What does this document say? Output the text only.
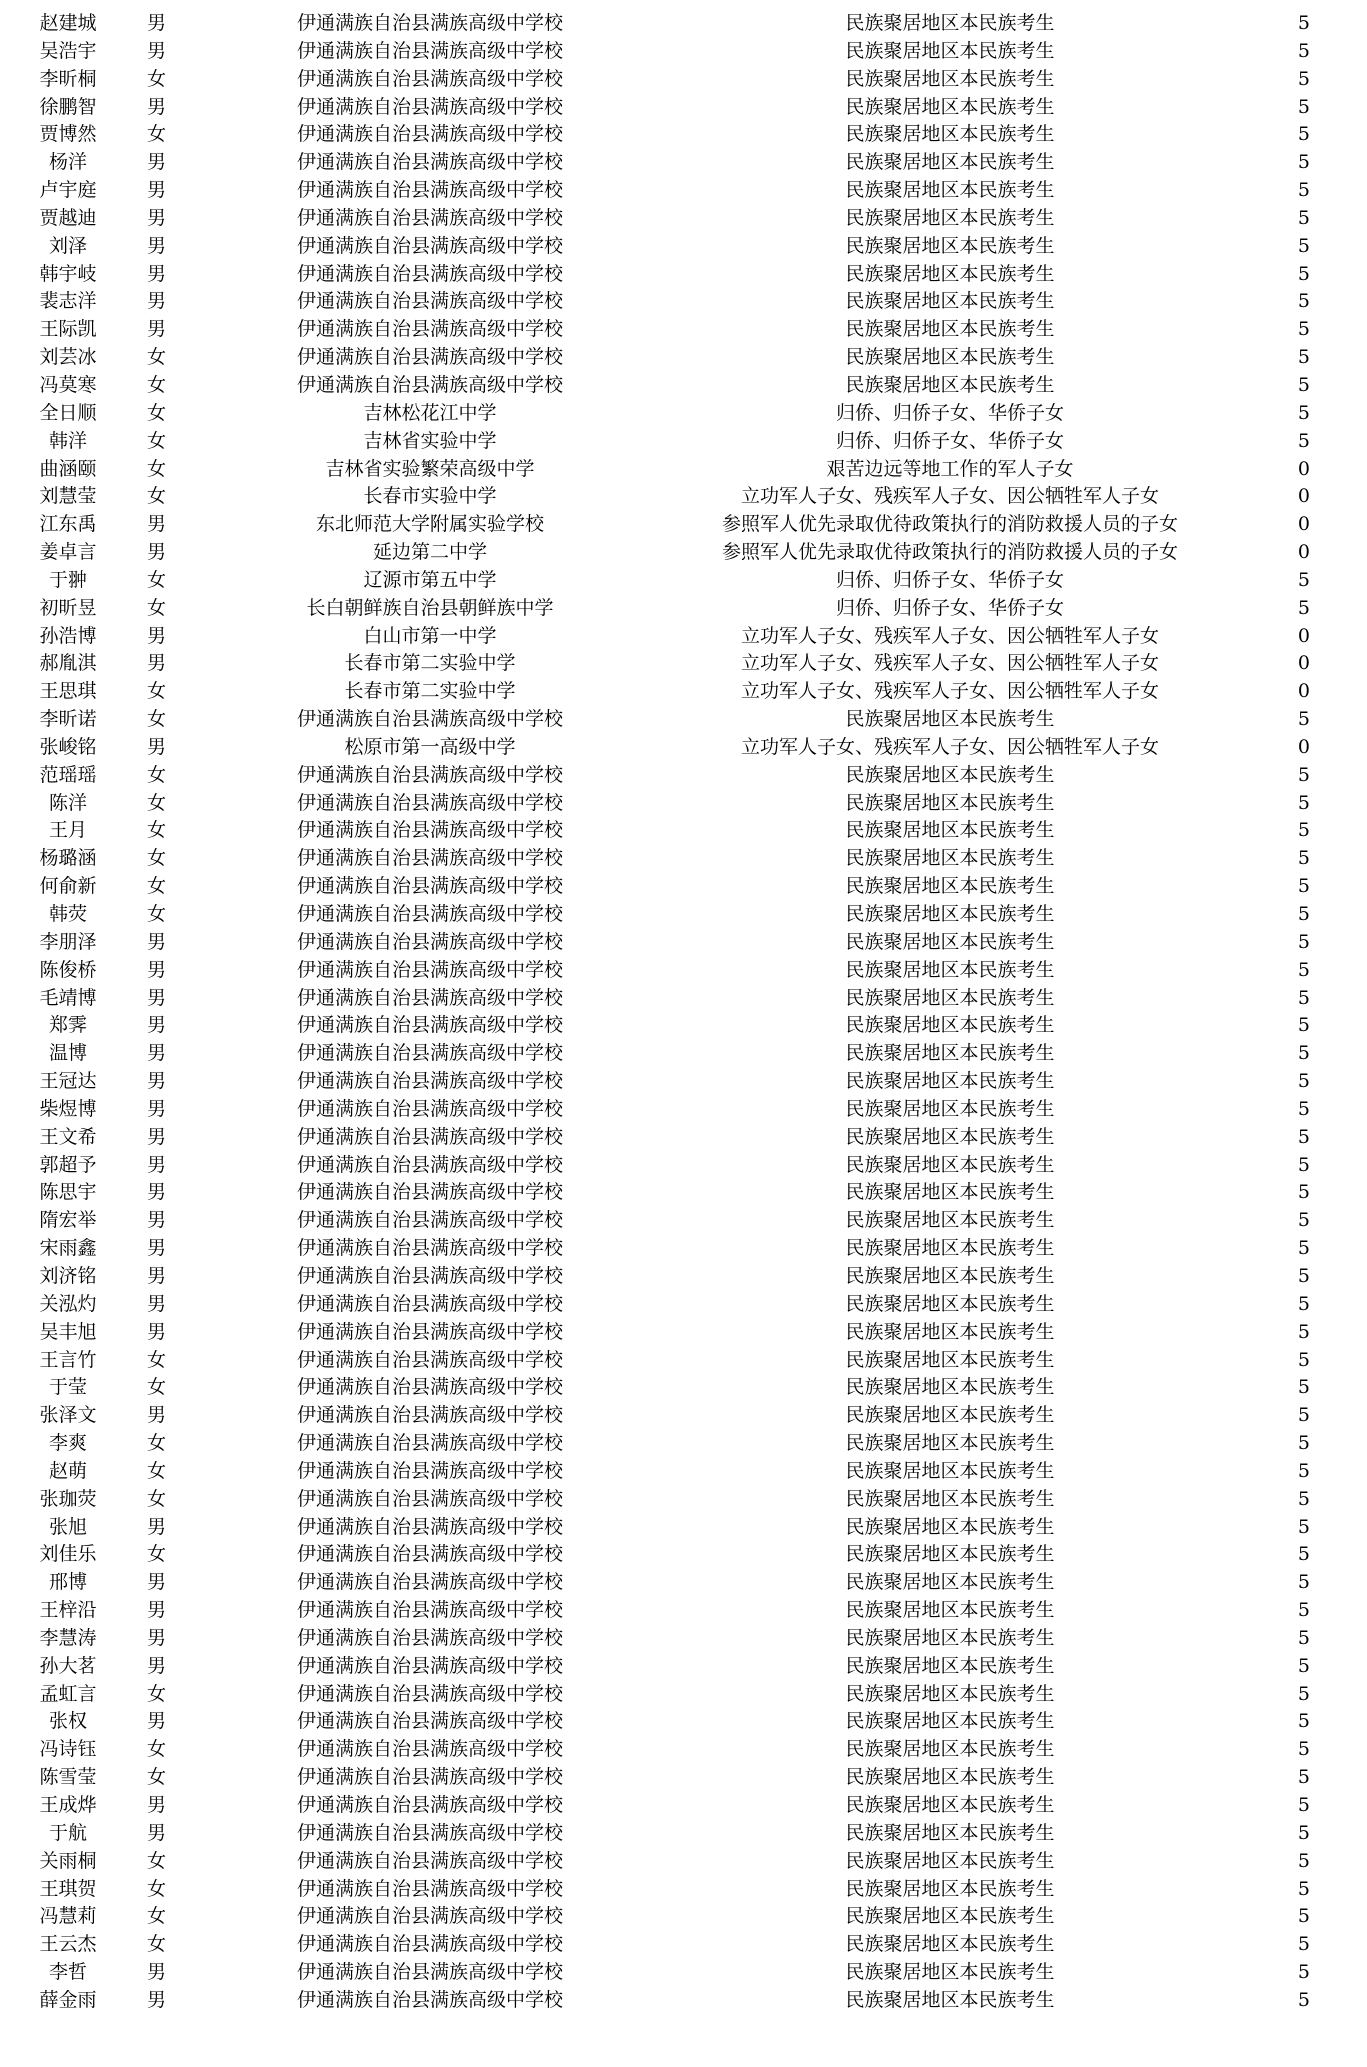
赵建城	男	伊通满族自治县满族高级中学校	民族聚居地区本民族考生	5
吴浩宇	男	伊通满族自治县满族高级中学校	民族聚居地区本民族考生	5
李昕桐	女	伊通满族自治县满族高级中学校	民族聚居地区本民族考生	5
徐鹏智	男	伊通满族自治县满族高级中学校	民族聚居地区本民族考生	5
贾博然	女	伊通满族自治县满族高级中学校	民族聚居地区本民族考生	5
杨洋	男	伊通满族自治县满族高级中学校	民族聚居地区本民族考生	5
卢宇庭	男	伊通满族自治县满族高级中学校	民族聚居地区本民族考生	5
贾越迪	男	伊通满族自治县满族高级中学校	民族聚居地区本民族考生	5
刘泽	男	伊通满族自治县满族高级中学校	民族聚居地区本民族考生	5
韩宇岐	男	伊通满族自治县满族高级中学校	民族聚居地区本民族考生	5
裴志洋	男	伊通满族自治县满族高级中学校	民族聚居地区本民族考生	5
王际凯	男	伊通满族自治县满族高级中学校	民族聚居地区本民族考生	5
刘芸冰	女	伊通满族自治县满族高级中学校	民族聚居地区本民族考生	5
冯莫寒	女	伊通满族自治县满族高级中学校	民族聚居地区本民族考生	5
全日顺	女	吉林松花江中学	归侨、归侨子女、华侨子女	5
韩洋	女	吉林省实验中学	归侨、归侨子女、华侨子女	5
曲涵颐	女	吉林省实验繁荣高级中学	艰苦边远等地工作的军人子女	0
刘慧莹	女	长春市实验中学	立功军人子女、残疾军人子女、因公牺牲军人子女	0
江东禹	男	东北师范大学附属实验学校	参照军人优先录取优待政策执行的消防救援人员的子女	0
姜卓言	男	延边第二中学	参照军人优先录取优待政策执行的消防救援人员的子女	0
于翀	女	辽源市第五中学	归侨、归侨子女、华侨子女	5
初昕昱	女	长白朝鲜族自治县朝鲜族中学	归侨、归侨子女、华侨子女	5
孙浩博	男	白山市第一中学	立功军人子女、残疾军人子女、因公牺牲军人子女	0
郝胤淇	男	长春市第二实验中学	立功军人子女、残疾军人子女、因公牺牲军人子女	0
王思琪	女	长春市第二实验中学	立功军人子女、残疾军人子女、因公牺牲军人子女	0
李昕诺	女	伊通满族自治县满族高级中学校	民族聚居地区本民族考生	5
张峻铭	男	松原市第一高级中学	立功军人子女、残疾军人子女、因公牺牲军人子女	0
范瑶瑶	女	伊通满族自治县满族高级中学校	民族聚居地区本民族考生	5
陈洋	女	伊通满族自治县满族高级中学校	民族聚居地区本民族考生	5
王月	女	伊通满族自治县满族高级中学校	民族聚居地区本民族考生	5
杨璐涵	女	伊通满族自治县满族高级中学校	民族聚居地区本民族考生	5
何俞新	女	伊通满族自治县满族高级中学校	民族聚居地区本民族考生	5
韩荧	女	伊通满族自治县满族高级中学校	民族聚居地区本民族考生	5
李朋泽	男	伊通满族自治县满族高级中学校	民族聚居地区本民族考生	5
陈俊桥	男	伊通满族自治县满族高级中学校	民族聚居地区本民族考生	5
毛靖博	男	伊通满族自治县满族高级中学校	民族聚居地区本民族考生	5
郑霁	男	伊通满族自治县满族高级中学校	民族聚居地区本民族考生	5
温博	男	伊通满族自治县满族高级中学校	民族聚居地区本民族考生	5
王冠达	男	伊通满族自治县满族高级中学校	民族聚居地区本民族考生	5
柴煜博	男	伊通满族自治县满族高级中学校	民族聚居地区本民族考生	5
王文希	男	伊通满族自治县满族高级中学校	民族聚居地区本民族考生	5
郭超予	男	伊通满族自治县满族高级中学校	民族聚居地区本民族考生	5
陈思宇	男	伊通满族自治县满族高级中学校	民族聚居地区本民族考生	5
隋宏举	男	伊通满族自治县满族高级中学校	民族聚居地区本民族考生	5
宋雨鑫	男	伊通满族自治县满族高级中学校	民族聚居地区本民族考生	5
刘济铭	男	伊通满族自治县满族高级中学校	民族聚居地区本民族考生	5
关泓灼	男	伊通满族自治县满族高级中学校	民族聚居地区本民族考生	5
吴丰旭	男	伊通满族自治县满族高级中学校	民族聚居地区本民族考生	5
王言竹	女	伊通满族自治县满族高级中学校	民族聚居地区本民族考生	5
于莹	女	伊通满族自治县满族高级中学校	民族聚居地区本民族考生	5
张泽文	男	伊通满族自治县满族高级中学校	民族聚居地区本民族考生	5
李爽	女	伊通满族自治县满族高级中学校	民族聚居地区本民族考生	5
赵萌	女	伊通满族自治县满族高级中学校	民族聚居地区本民族考生	5
张珈荧	女	伊通满族自治县满族高级中学校	民族聚居地区本民族考生	5
张旭	男	伊通满族自治县满族高级中学校	民族聚居地区本民族考生	5
刘佳乐	女	伊通满族自治县满族高级中学校	民族聚居地区本民族考生	5
邢博	男	伊通满族自治县满族高级中学校	民族聚居地区本民族考生	5
王梓沿	男	伊通满族自治县满族高级中学校	民族聚居地区本民族考生	5
李慧涛	男	伊通满族自治县满族高级中学校	民族聚居地区本民族考生	5
孙大茗	男	伊通满族自治县满族高级中学校	民族聚居地区本民族考生	5
孟虹言	女	伊通满族自治县满族高级中学校	民族聚居地区本民族考生	5
张权	男	伊通满族自治县满族高级中学校	民族聚居地区本民族考生	5
冯诗钰	女	伊通满族自治县满族高级中学校	民族聚居地区本民族考生	5
陈雪莹	女	伊通满族自治县满族高级中学校	民族聚居地区本民族考生	5
王成烨	男	伊通满族自治县满族高级中学校	民族聚居地区本民族考生	5
于航	男	伊通满族自治县满族高级中学校	民族聚居地区本民族考生	5
关雨桐	女	伊通满族自治县满族高级中学校	民族聚居地区本民族考生	5
王琪贺	女	伊通满族自治县满族高级中学校	民族聚居地区本民族考生	5
冯慧莉	女	伊通满族自治县满族高级中学校	民族聚居地区本民族考生	5
王云杰	女	伊通满族自治县满族高级中学校	民族聚居地区本民族考生	5
李哲	男	伊通满族自治县满族高级中学校	民族聚居地区本民族考生	5
薛金雨	男	伊通满族自治县满族高级中学校	民族聚居地区本民族考生	5
